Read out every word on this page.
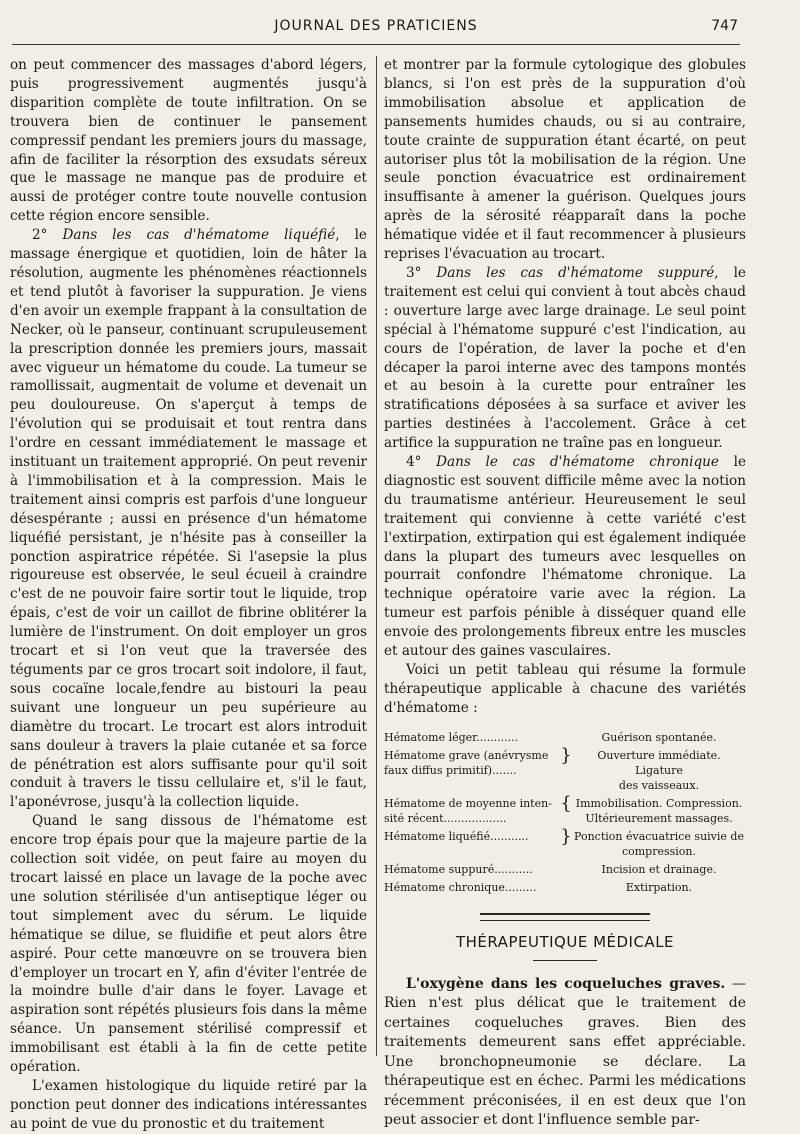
JOURNAL DES PRATICIENS	747

on peut commencer des massages d'abord légers, puis progressivement augmentés jusqu'à disparition complète de toute infiltration. On se trouvera bien de continuer le pansement compressif pendant les premiers jours du massage, afin de faciliter la résorption des exsudats séreux que le massage ne manque pas de produire et aussi de protéger contre toute nouvelle contusion cette région encore sensible.

2° Dans les cas d'hématome liquéfié, le massage énergique et quotidien, loin de hâter la résolution, augmente les phénomènes réactionnels et tend plutôt à favoriser la suppuration. Je viens d'en avoir un exemple frappant à la consultation de Necker, où le panseur, continuant scrupuleusement la prescription donnée les premiers jours, massait avec vigueur un hématome du coude. La tumeur se ramollissait, augmentait de volume et devenait un peu douloureuse. On s'aperçut à temps de l'évolution qui se produisait et tout rentra dans l'ordre en cessant immédiatement le massage et instituant un traitement approprié. On peut revenir à l'immobilisation et à la compression. Mais le traitement ainsi compris est parfois d'une longueur désespérante ; aussi en présence d'un hématome liquéfié persistant, je n'hésite pas à conseiller la ponction aspiratrice répétée. Si l'asepsie la plus rigoureuse est observée, le seul écueil à craindre c'est de ne pouvoir faire sortir tout le liquide, trop épais, c'est de voir un caillot de fibrine oblitérer la lumière de l'instrument. On doit employer un gros trocart et si l'on veut que la traversée des téguments par ce gros trocart soit indolore, il faut, sous cocaïne locale,fendre au bistouri la peau suivant une longueur un peu supérieure au diamètre du trocart. Le trocart est alors introduit sans douleur à travers la plaie cutanée et sa force de pénétration est alors suffisante pour qu'il soit conduit à travers le tissu cellulaire et, s'il le faut, l'aponévrose, jusqu'à la collection liquide.

Quand le sang dissous de l'hématome est encore trop épais pour que la majeure partie de la collection soit vidée, on peut faire au moyen du trocart laissé en place un lavage de la poche avec une solution stérilisée d'un antiseptique léger ou tout simplement avec du sérum. Le liquide hématique se dilue, se fluidifie et peut alors être aspiré. Pour cette manœuvre on se trouvera bien d'employer un trocart en Y, afin d'éviter l'entrée de la moindre bulle d'air dans le foyer. Lavage et aspiration sont répétés plusieurs fois dans la même séance. Un pansement stérilisé compressif et immobilisant est établi à la fin de cette petite opération.

L'examen histologique du liquide retiré par la ponction peut donner des indications intéressantes au point de vue du pronostic et du traitement

et montrer par la formule cytologique des globules blancs, si l'on est près de la suppuration d'où immobilisation absolue et application de pansements humides chauds, ou si au contraire, toute crainte de suppuration étant écarté, on peut autoriser plus tôt la mobilisation de la région. Une seule ponction évacuatrice est ordinairement insuffisante à amener la guérison. Quelques jours après de la sérosité réapparaît dans la poche hématique vidée et il faut recommencer à plusieurs reprises l'évacuation au trocart.

3° Dans les cas d'hématome suppuré, le traitement est celui qui convient à tout abcès chaud : ouverture large avec large drainage. Le seul point spécial à l'hématome suppuré c'est l'indication, au cours de l'opération, de laver la poche et d'en décaper la paroi interne avec des tampons montés et au besoin à la curette pour entraîner les stratifications déposées à sa surface et aviver les parties destinées à l'accolement. Grâce à cet artifice la suppuration ne traîne pas en longueur.

4° Dans le cas d'hématome chronique le diagnostic est souvent difficile même avec la notion du traumatisme antérieur. Heureusement le seul traitement qui convienne à cette variété c'est l'extirpation, extirpation qui est également indiquée dans la plupart des tumeurs avec lesquelles on pourrait confondre l'hématome chronique. La technique opératoire varie avec la région. La tumeur est parfois pénible à disséquer quand elle envoie des prolongements fibreux entre les muscles et autour des gaines vasculaires.

Voici un petit tableau qui résume la formule thérapeutique applicable à chacune des variétés d'hématome :

Hématome léger............		Guérison spontanée.
Hématome grave (anévrysme
faux diffus primitif).......	}	Ouverture immédiate. Ligature
des vaisseaux.
Hématome de moyenne inten-
sité récent..................	{	Immobilisation. Compression.
Ultérieurement massages.
Hématome liquéfié...........	}	Ponction évacuatrice suivie de
compression.
Hématome suppuré...........		Incision et drainage.
Hématome chronique.........		Extirpation.
THÉRAPEUTIQUE MÉDICALE

L'oxygène dans les coqueluches graves. — Rien n'est plus délicat que le traitement de certaines coqueluches graves. Bien des traitements demeurent sans effet appréciable. Une bronchopneumonie se déclare. La thérapeutique est en échec. Parmi les médications récemment préconisées, il en est deux que l'on peut associer et dont l'influence semble par-
